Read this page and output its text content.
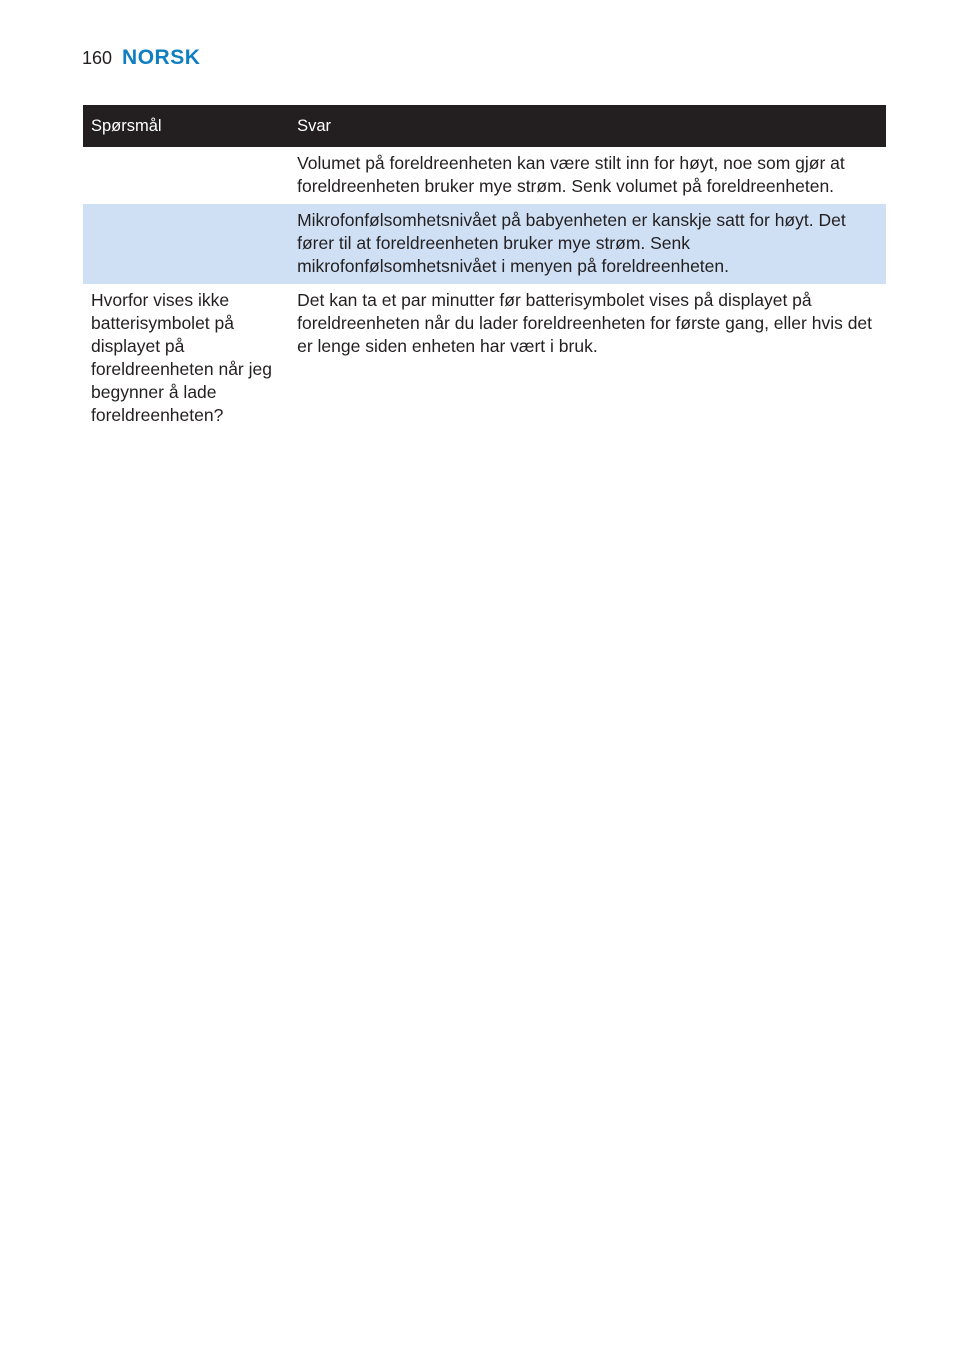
160 NORSK
Spørsmål	Svar
	Volumet på foreldreenheten kan være stilt inn for høyt, noe som gjør at foreldreenheten bruker mye strøm. Senk volumet på foreldreenheten.
	Mikrofonfølsomhetsnivået på babyenheten er kanskje satt for høyt. Det fører til at foreldreenheten bruker mye strøm. Senk mikrofonfølsomhetsnivået i menyen på foreldreenheten.
Hvorfor vises ikke batterisymbolet på displayet på foreldreenheten når jeg begynner å lade foreldreenheten?	Det kan ta et par minutter før batterisymbolet vises på displayet på foreldreenheten når du lader foreldreenheten for første gang, eller hvis det er lenge siden enheten har vært i bruk.
